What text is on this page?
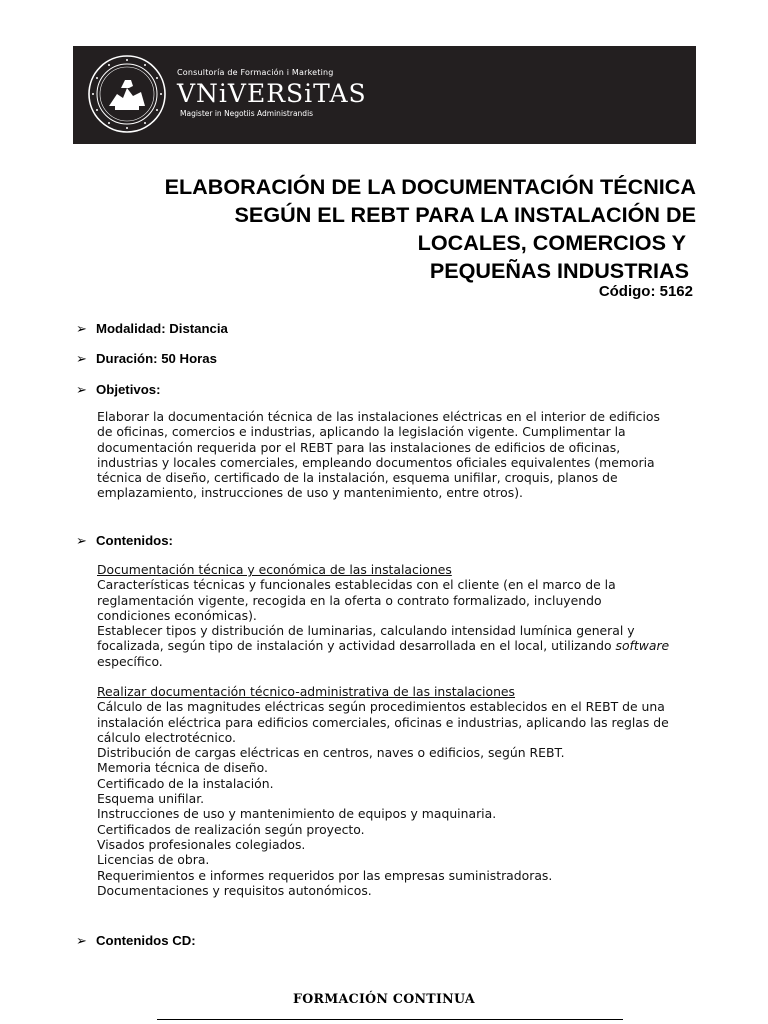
Consultoría de Formación i Marketing
VNiVERSiTAS
Magister in Negotiis Administrandis
ELABORACIÓN DE LA DOCUMENTACIÓN TÉCNICA
SEGÚN EL REBT PARA LA INSTALACIÓN DE
LOCALES, COMERCIOS Y
PEQUEÑAS INDUSTRIAS
Código: 5162
➢ Modalidad: Distancia
➢ Duración: 50 Horas
➢ Objetivos:
Elaborar la documentación técnica de las instalaciones eléctricas en el interior de edificios
de oficinas, comercios e industrias, aplicando la legislación vigente. Cumplimentar la
documentación requerida por el REBT para las instalaciones de edificios de oficinas,
industrias y locales comerciales, empleando documentos oficiales equivalentes (memoria
técnica de diseño, certificado de la instalación, esquema unifilar, croquis, planos de
emplazamiento, instrucciones de uso y mantenimiento, entre otros).
➢ Contenidos:
Documentación técnica y económica de las instalaciones
Características técnicas y funcionales establecidas con el cliente (en el marco de la
reglamentación vigente, recogida en la oferta o contrato formalizado, incluyendo
condiciones económicas).
Establecer tipos y distribución de luminarias, calculando intensidad lumínica general y
focalizada, según tipo de instalación y actividad desarrollada en el local, utilizando software
específico.
Realizar documentación técnico-administrativa de las instalaciones
Cálculo de las magnitudes eléctricas según procedimientos establecidos en el REBT de una
instalación eléctrica para edificios comerciales, oficinas e industrias, aplicando las reglas de
cálculo electrotécnico.
Distribución de cargas eléctricas en centros, naves o edificios, según REBT.
Memoria técnica de diseño.
Certificado de la instalación.
Esquema unifilar.
Instrucciones de uso y mantenimiento de equipos y maquinaria.
Certificados de realización según proyecto.
Visados profesionales colegiados.
Licencias de obra.
Requerimientos e informes requeridos por las empresas suministradoras.
Documentaciones y requisitos autonómicos.
➢ Contenidos CD:
FORMACIÓN CONTINUA
